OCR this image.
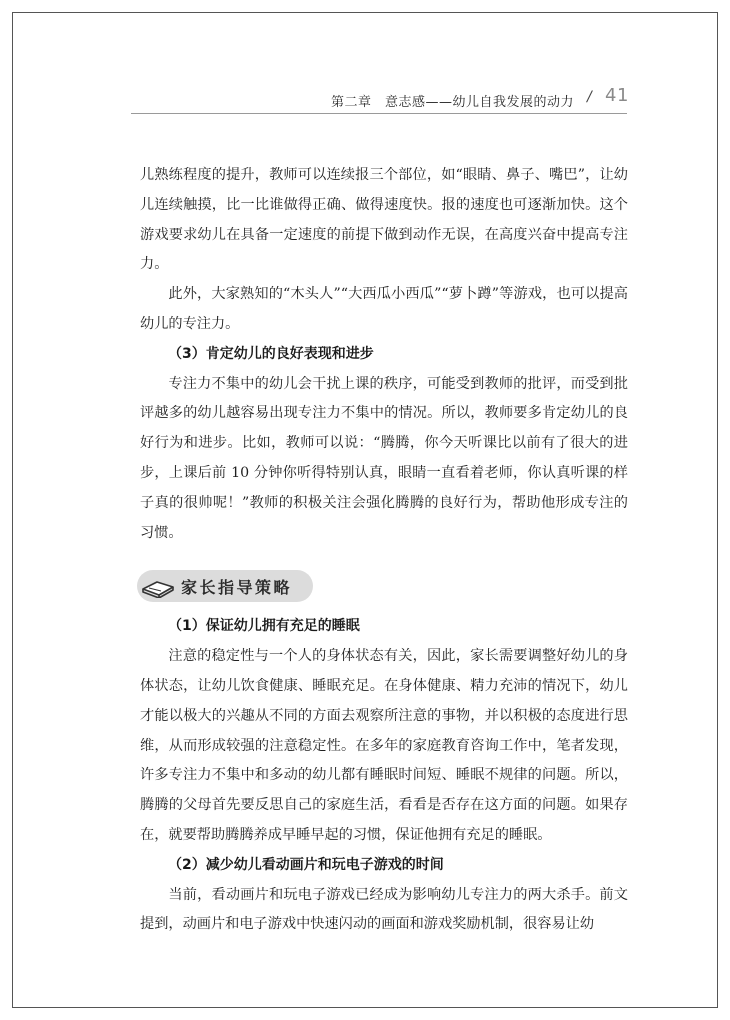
第二章　意志感——幼儿自我发展的动力 / 41

儿熟练程度的提升，教师可以连续报三个部位，如“眼睛、鼻子、嘴巴”，让幼儿连续触摸，比一比谁做得正确、做得速度快。报的速度也可逐渐加快。这个游戏要求幼儿在具备一定速度的前提下做到动作无误，在高度兴奋中提高专注力。

此外，大家熟知的“木头人”“大西瓜小西瓜”“萝卜蹲”等游戏，也可以提高幼儿的专注力。

（3）肯定幼儿的良好表现和进步

专注力不集中的幼儿会干扰上课的秩序，可能受到教师的批评，而受到批评越多的幼儿越容易出现专注力不集中的情况。所以，教师要多肯定幼儿的良好行为和进步。比如，教师可以说：“腾腾，你今天听课比以前有了很大的进步，上课后前 10 分钟你听得特别认真，眼睛一直看着老师，你认真听课的样子真的很帅呢！”教师的积极关注会强化腾腾的良好行为，帮助他形成专注的习惯。

家长指导策略

（1）保证幼儿拥有充足的睡眠

注意的稳定性与一个人的身体状态有关，因此，家长需要调整好幼儿的身体状态，让幼儿饮食健康、睡眠充足。在身体健康、精力充沛的情况下，幼儿才能以极大的兴趣从不同的方面去观察所注意的事物，并以积极的态度进行思维，从而形成较强的注意稳定性。在多年的家庭教育咨询工作中，笔者发现，许多专注力不集中和多动的幼儿都有睡眠时间短、睡眠不规律的问题。所以，腾腾的父母首先要反思自己的家庭生活，看看是否存在这方面的问题。如果存在，就要帮助腾腾养成早睡早起的习惯，保证他拥有充足的睡眠。

（2）减少幼儿看动画片和玩电子游戏的时间

当前，看动画片和玩电子游戏已经成为影响幼儿专注力的两大杀手。前文提到，动画片和电子游戏中快速闪动的画面和游戏奖励机制，很容易让幼
